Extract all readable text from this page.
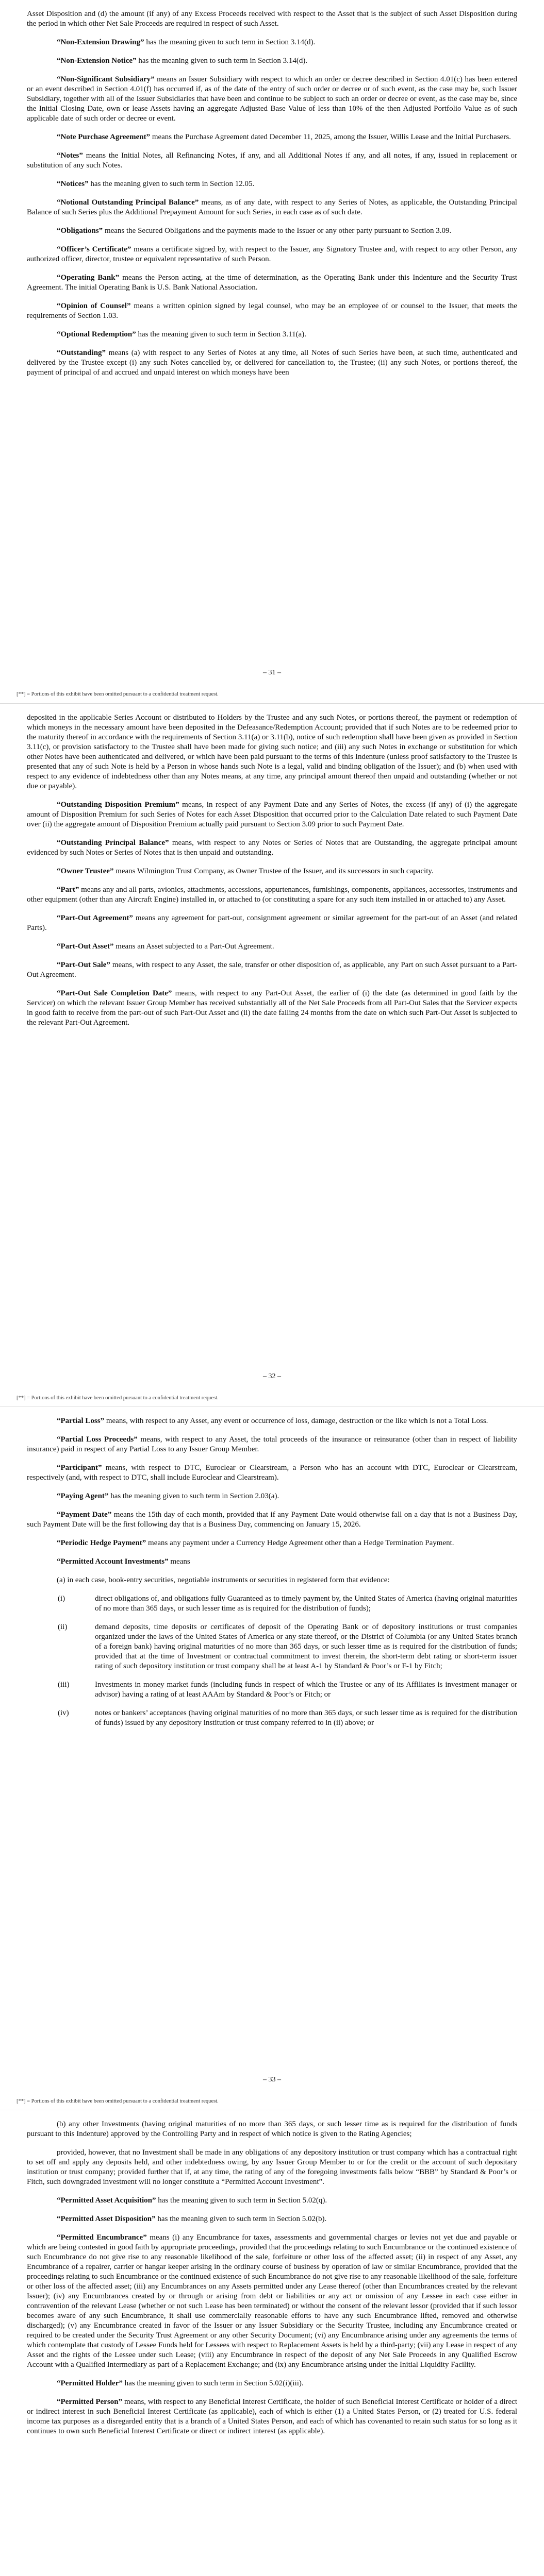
Asset Disposition and (d) the amount (if any) of any Excess Proceeds received with respect to the Asset that is the subject of such Asset Disposition during the period in which other Net Sale Proceeds are required in respect of such Asset.

“Non-Extension Drawing” has the meaning given to such term in Section 3.14(d).

“Non-Extension Notice” has the meaning given to such term in Section 3.14(d).

“Non-Significant Subsidiary” means an Issuer Subsidiary with respect to which an order or decree described in Section 4.01(c) has been entered or an event described in Section 4.01(f) has occurred if, as of the date of the entry of such order or decree or of such event, as the case may be, such Issuer Subsidiary, together with all of the Issuer Subsidiaries that have been and continue to be subject to such an order or decree or event, as the case may be, since the Initial Closing Date, own or lease Assets having an aggregate Adjusted Base Value of less than 10% of the then Adjusted Portfolio Value as of such applicable date of such order or decree or event.

“Note Purchase Agreement” means the Purchase Agreement dated December 11, 2025, among the Issuer, Willis Lease and the Initial Purchasers.

“Notes” means the Initial Notes, all Refinancing Notes, if any, and all Additional Notes if any, and all notes, if any, issued in replacement or substitution of any such Notes.

“Notices” has the meaning given to such term in Section 12.05.

“Notional Outstanding Principal Balance” means, as of any date, with respect to any Series of Notes, as applicable, the Outstanding Principal Balance of such Series plus the Additional Prepayment Amount for such Series, in each case as of such date.

“Obligations” means the Secured Obligations and the payments made to the Issuer or any other party pursuant to Section 3.09.

“Officer’s Certificate” means a certificate signed by, with respect to the Issuer, any Signatory Trustee and, with respect to any other Person, any authorized officer, director, trustee or equivalent representative of such Person.

“Operating Bank” means the Person acting, at the time of determination, as the Operating Bank under this Indenture and the Security Trust Agreement. The initial Operating Bank is U.S. Bank National Association.

“Opinion of Counsel” means a written opinion signed by legal counsel, who may be an employee of or counsel to the Issuer, that meets the requirements of Section 1.03.

“Optional Redemption” has the meaning given to such term in Section 3.11(a).

“Outstanding” means (a) with respect to any Series of Notes at any time, all Notes of such Series have been, at such time, authenticated and delivered by the Trustee except (i) any such Notes cancelled by, or delivered for cancellation to, the Trustee; (ii) any such Notes, or portions thereof, the payment of principal of and accrued and unpaid interest on which moneys have been

– 31 –
[**] = Portions of this exhibit have been omitted pursuant to a confidential treatment request.

deposited in the applicable Series Account or distributed to Holders by the Trustee and any such Notes, or portions thereof, the payment or redemption of which moneys in the necessary amount have been deposited in the Defeasance/Redemption Account; provided that if such Notes are to be redeemed prior to the maturity thereof in accordance with the requirements of Section 3.11(a) or 3.11(b), notice of such redemption shall have been given as provided in Section 3.11(c), or provision satisfactory to the Trustee shall have been made for giving such notice; and (iii) any such Notes in exchange or substitution for which other Notes have been authenticated and delivered, or which have been paid pursuant to the terms of this Indenture (unless proof satisfactory to the Trustee is presented that any of such Note is held by a Person in whose hands such Note is a legal, valid and binding obligation of the Issuer); and (b) when used with respect to any evidence of indebtedness other than any Notes means, at any time, any principal amount thereof then unpaid and outstanding (whether or not due or payable).

“Outstanding Disposition Premium” means, in respect of any Payment Date and any Series of Notes, the excess (if any) of (i) the aggregate amount of Disposition Premium for such Series of Notes for each Asset Disposition that occurred prior to the Calculation Date related to such Payment Date over (ii) the aggregate amount of Disposition Premium actually paid pursuant to Section 3.09 prior to such Payment Date.

“Outstanding Principal Balance” means, with respect to any Notes or Series of Notes that are Outstanding, the aggregate principal amount evidenced by such Notes or Series of Notes that is then unpaid and outstanding.

“Owner Trustee” means Wilmington Trust Company, as Owner Trustee of the Issuer, and its successors in such capacity.

“Part” means any and all parts, avionics, attachments, accessions, appurtenances, furnishings, components, appliances, accessories, instruments and other equipment (other than any Aircraft Engine) installed in, or attached to (or constituting a spare for any such item installed in or attached to) any Asset.

“Part-Out Agreement” means any agreement for part-out, consignment agreement or similar agreement for the part-out of an Asset (and related Parts).

“Part-Out Asset” means an Asset subjected to a Part-Out Agreement.

“Part-Out Sale” means, with respect to any Asset, the sale, transfer or other disposition of, as applicable, any Part on such Asset pursuant to a Part-Out Agreement.

“Part-Out Sale Completion Date” means, with respect to any Part-Out Asset, the earlier of (i) the date (as determined in good faith by the Servicer) on which the relevant Issuer Group Member has received substantially all of the Net Sale Proceeds from all Part-Out Sales that the Servicer expects in good faith to receive from the part-out of such Part-Out Asset and (ii) the date falling 24 months from the date on which such Part-Out Asset is subjected to the relevant Part-Out Agreement.

– 32 –
[**] = Portions of this exhibit have been omitted pursuant to a confidential treatment request.

“Partial Loss” means, with respect to any Asset, any event or occurrence of loss, damage, destruction or the like which is not a Total Loss.

“Partial Loss Proceeds” means, with respect to any Asset, the total proceeds of the insurance or reinsurance (other than in respect of liability insurance) paid in respect of any Partial Loss to any Issuer Group Member.

“Participant” means, with respect to DTC, Euroclear or Clearstream, a Person who has an account with DTC, Euroclear or Clearstream, respectively (and, with respect to DTC, shall include Euroclear and Clearstream).

“Paying Agent” has the meaning given to such term in Section 2.03(a).

“Payment Date” means the 15th day of each month, provided that if any Payment Date would otherwise fall on a day that is not a Business Day, such Payment Date will be the first following day that is a Business Day, commencing on January 15, 2026.

“Periodic Hedge Payment” means any payment under a Currency Hedge Agreement other than a Hedge Termination Payment.

“Permitted Account Investments” means

(a) in each case, book-entry securities, negotiable instruments or securities in registered form that evidence:

(i)	direct obligations of, and obligations fully Guaranteed as to timely payment by, the United States of America (having original maturities of no more than 365 days, or such lesser time as is required for the distribution of funds);
(ii)	demand deposits, time deposits or certificates of deposit of the Operating Bank or of depository institutions or trust companies organized under the laws of the United States of America or any state thereof, or the District of Columbia (or any United States branch of a foreign bank) having original maturities of no more than 365 days, or such lesser time as is required for the distribution of funds; provided that at the time of Investment or contractual commitment to invest therein, the short-term debt rating or short-term issuer rating of such depository institution or trust company shall be at least A-1 by Standard & Poor’s or F-1 by Fitch;
(iii)	Investments in money market funds (including funds in respect of which the Trustee or any of its Affiliates is investment manager or advisor) having a rating of at least AAAm by Standard & Poor’s or Fitch; or
(iv)	notes or bankers’ acceptances (having original maturities of no more than 365 days, or such lesser time as is required for the distribution of funds) issued by any depository institution or trust company referred to in (ii) above; or
– 33 –
[**] = Portions of this exhibit have been omitted pursuant to a confidential treatment request.

(b) any other Investments (having original maturities of no more than 365 days, or such lesser time as is required for the distribution of funds pursuant to this Indenture) approved by the Controlling Party and in respect of which notice is given to the Rating Agencies;

provided, however, that no Investment shall be made in any obligations of any depository institution or trust company which has a contractual right to set off and apply any deposits held, and other indebtedness owing, by any Issuer Group Member to or for the credit or the account of such depositary institution or trust company; provided further that if, at any time, the rating of any of the foregoing investments falls below “BBB” by Standard & Poor’s or Fitch, such downgraded investment will no longer constitute a “Permitted Account Investment”.

“Permitted Asset Acquisition” has the meaning given to such term in Section 5.02(q).

“Permitted Asset Disposition” has the meaning given to such term in Section 5.02(b).

“Permitted Encumbrance” means (i) any Encumbrance for taxes, assessments and governmental charges or levies not yet due and payable or which are being contested in good faith by appropriate proceedings, provided that the proceedings relating to such Encumbrance or the continued existence of such Encumbrance do not give rise to any reasonable likelihood of the sale, forfeiture or other loss of the affected asset; (ii) in respect of any Asset, any Encumbrance of a repairer, carrier or hangar keeper arising in the ordinary course of business by operation of law or similar Encumbrance, provided that the proceedings relating to such Encumbrance or the continued existence of such Encumbrance do not give rise to any reasonable likelihood of the sale, forfeiture or other loss of the affected asset; (iii) any Encumbrances on any Assets permitted under any Lease thereof (other than Encumbrances created by the relevant Issuer); (iv) any Encumbrances created by or through or arising from debt or liabilities or any act or omission of any Lessee in each case either in contravention of the relevant Lease (whether or not such Lease has been terminated) or without the consent of the relevant lessor (provided that if such lessor becomes aware of any such Encumbrance, it shall use commercially reasonable efforts to have any such Encumbrance lifted, removed and otherwise discharged); (v) any Encumbrance created in favor of the Issuer or any Issuer Subsidiary or the Security Trustee, including any Encumbrance created or required to be created under the Security Trust Agreement or any other Security Document; (vi) any Encumbrance arising under any agreements the terms of which contemplate that custody of Lessee Funds held for Lessees with respect to Replacement Assets is held by a third-party; (vii) any Lease in respect of any Asset and the rights of the Lessee under such Lease; (viii) any Encumbrance in respect of the deposit of any Net Sale Proceeds in any Qualified Escrow Account with a Qualified Intermediary as part of a Replacement Exchange; and (ix) any Encumbrance arising under the Initial Liquidity Facility.

“Permitted Holder” has the meaning given to such term in Section 5.02(i)(iii).

“Permitted Person” means, with respect to any Beneficial Interest Certificate, the holder of such Beneficial Interest Certificate or holder of a direct or indirect interest in such Beneficial Interest Certificate (as applicable), each of which is either (1) a United States Person, or (2) treated for U.S. federal income tax purposes as a disregarded entity that is a branch of a United States Person, and each of which has covenanted to retain such status for so long as it continues to own such Beneficial Interest Certificate or direct or indirect interest (as applicable).
